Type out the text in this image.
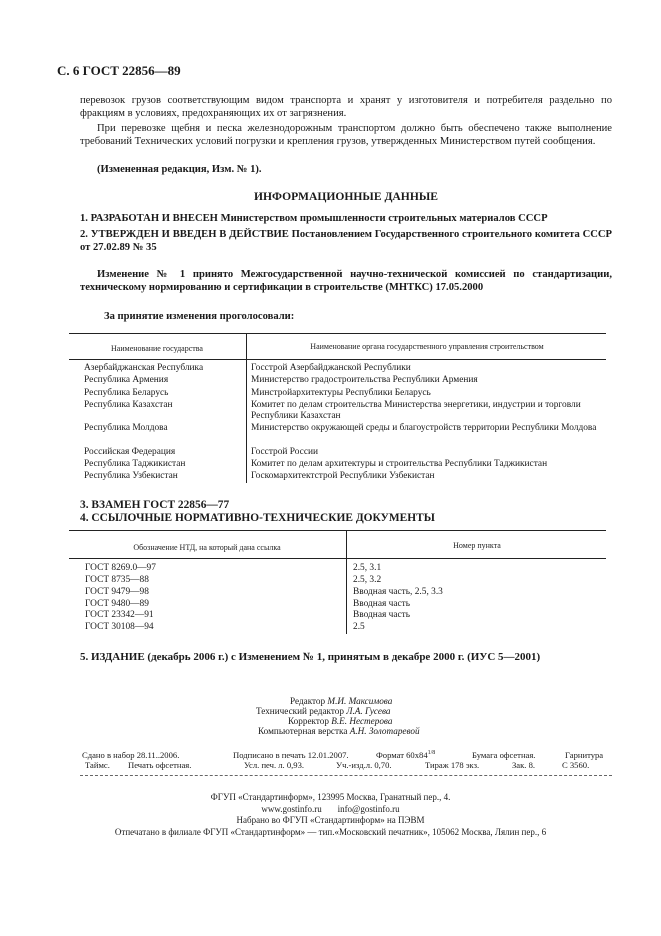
С. 6 ГОСТ 22856—89
перевозок грузов соответствующим видом транспорта и хранят у изготовителя и потребителя раздельно по фракциям в условиях, предохраняющих их от загрязнения.
При перевозке щебня и песка железнодорожным транспортом должно быть обеспечено также выполнение требований Технических условий погрузки и крепления грузов, утвержденных Министерством путей сообщения.
(Измененная редакция, Изм. № 1).
ИНФОРМАЦИОННЫЕ ДАННЫЕ
1. РАЗРАБОТАН И ВНЕСЕН Министерством промышленности строительных материалов СССР
2. УТВЕРЖДЕН И ВВЕДЕН В ДЕЙСТВИЕ Постановлением Государственного строительного комитета СССР от 27.02.89 № 35
Изменение № 1 принято Межгосударственной научно-технической комиссией по стандартизации, техническому нормированию и сертификации в строительстве (МНТКС) 17.05.2000
За принятие изменения проголосовали:
Наименование государства	Наименование органа государственного управления строительством
Азербайджанская Республика	Госстрой Азербайджанской Республики
Республика Армения	Министерство градостроительства Республики Армения
Республика Беларусь	Минстройархитектуры Республики Беларусь
Республика Казахстан	Комитет по делам строительства Министерства энергетики, индустрии и торговли Республики Казахстан
Республика Молдова	Министерство окружающей среды и благоустройств территории Республики Молдова
Российская Федерация	Госстрой России
Республика Таджикистан	Комитет по делам архитектуры и строительства Республики Таджикистан
Республика Узбекистан	Госкомархитектстрой Республики Узбекистан
3. ВЗАМЕН ГОСТ 22856—77
4. ССЫЛОЧНЫЕ НОРМАТИВНО-ТЕХНИЧЕСКИЕ ДОКУМЕНТЫ
Обозначение НТД, на который дана ссылка	Номер пункта
ГОСТ 8269.0—97	2.5, 3.1
ГОСТ 8735—88	2.5, 3.2
ГОСТ 9479—98	Вводная часть, 2.5, 3.3
ГОСТ 9480—89	Вводная часть
ГОСТ 23342—91	Вводная часть
ГОСТ 30108—94	2.5
5. ИЗДАНИЕ (декабрь 2006 г.) с Изменением № 1, принятым в декабре 2000 г. (ИУС 5—2001)
Редактор М.И. Максимова
Технический редактор Л.А. Гусева
Корректор В.Е. Нестерова
Компьютерная верстка А.Н. Золотаревой
Сдано в набор 28.11..2006.	Подписано в печать 12.01.2007.	Формат $60x84^{1/8}$	Бумага офсетная.	Гарнитура
Таймс. Печать офсетная.	Усл. печ. л. 0,93.	Уч.-изд.л. 0,70.	Тираж 178 экз.	Зак. 8.	С 3560.
ФГУП «Стандартинформ», 123995 Москва, Гранатный пер., 4.
www.gostinfo.ru info@gostinfo.ru
Набрано во ФГУП «Стандартинформ» на ПЭВМ
Отпечатано в филиале ФГУП «Стандартинформ» — тип.«Московский печатник», 105062 Москва, Лялин пер., 6
